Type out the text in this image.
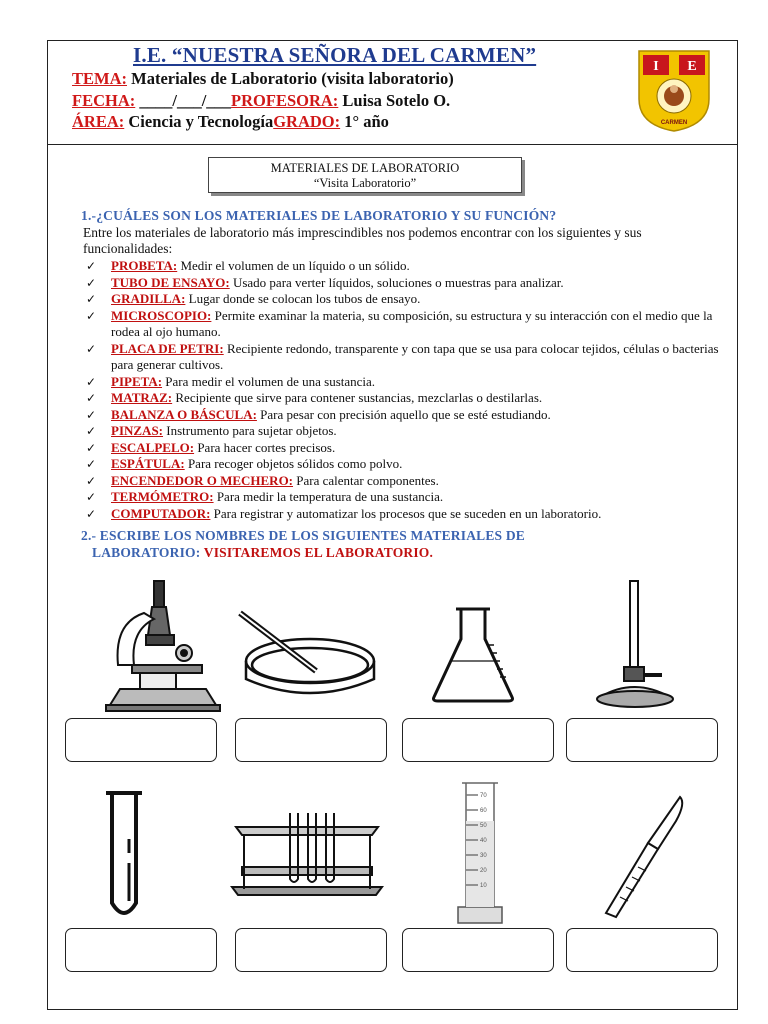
I.E. “NUESTRA SEÑORA DEL CARMEN”
TEMA: Materiales de Laboratorio (visita laboratorio)
FECHA: ____/___/___PROFESORA: Luisa Sotelo O.
ÁREA: Ciencia y TecnologíaGRADO: 1° año
I E
CARMEN
MATERIALES DE LABORATORIO
“Visita Laboratorio”
1.-¿CUÁLES SON LOS MATERIALES DE LABORATORIO Y SU FUNCIÓN?
Entre los materiales de laboratorio más imprescindibles nos podemos encontrar con los siguientes y sus funcionalidades:
✓ PROBETA: Medir el volumen de un líquido o un sólido.
✓ TUBO DE ENSAYO: Usado para verter líquidos, soluciones o muestras para analizar.
✓ GRADILLA: Lugar donde se colocan los tubos de ensayo.
✓ MICROSCOPIO: Permite examinar la materia, su composición, su estructura y su interacción con el medio que la rodea al ojo humano.
✓ PLACA DE PETRI: Recipiente redondo, transparente y con tapa que se usa para colocar tejidos, células o bacterias para generar cultivos.
✓ PIPETA: Para medir el volumen de una sustancia.
✓ MATRAZ: Recipiente que sirve para contener sustancias, mezclarlas o destilarlas.
✓ BALANZA O BÁSCULA: Para pesar con precisión aquello que se esté estudiando.
✓ PINZAS: Instrumento para sujetar objetos.
✓ ESCALPELO: Para hacer cortes precisos.
✓ ESPÁTULA: Para recoger objetos sólidos como polvo.
✓ ENCENDEDOR O MECHERO: Para calentar componentes.
✓ TERMÓMETRO: Para medir la temperatura de una sustancia.
✓ COMPUTADOR: Para registrar y automatizar los procesos que se suceden en un laboratorio.
2.- ESCRIBE LOS NOMBRES DE LOS SIGUIENTES MATERIALES DE
LABORATORIO: VISITAREMOS EL LABORATORIO.
70
60
50
40
30
20
10
